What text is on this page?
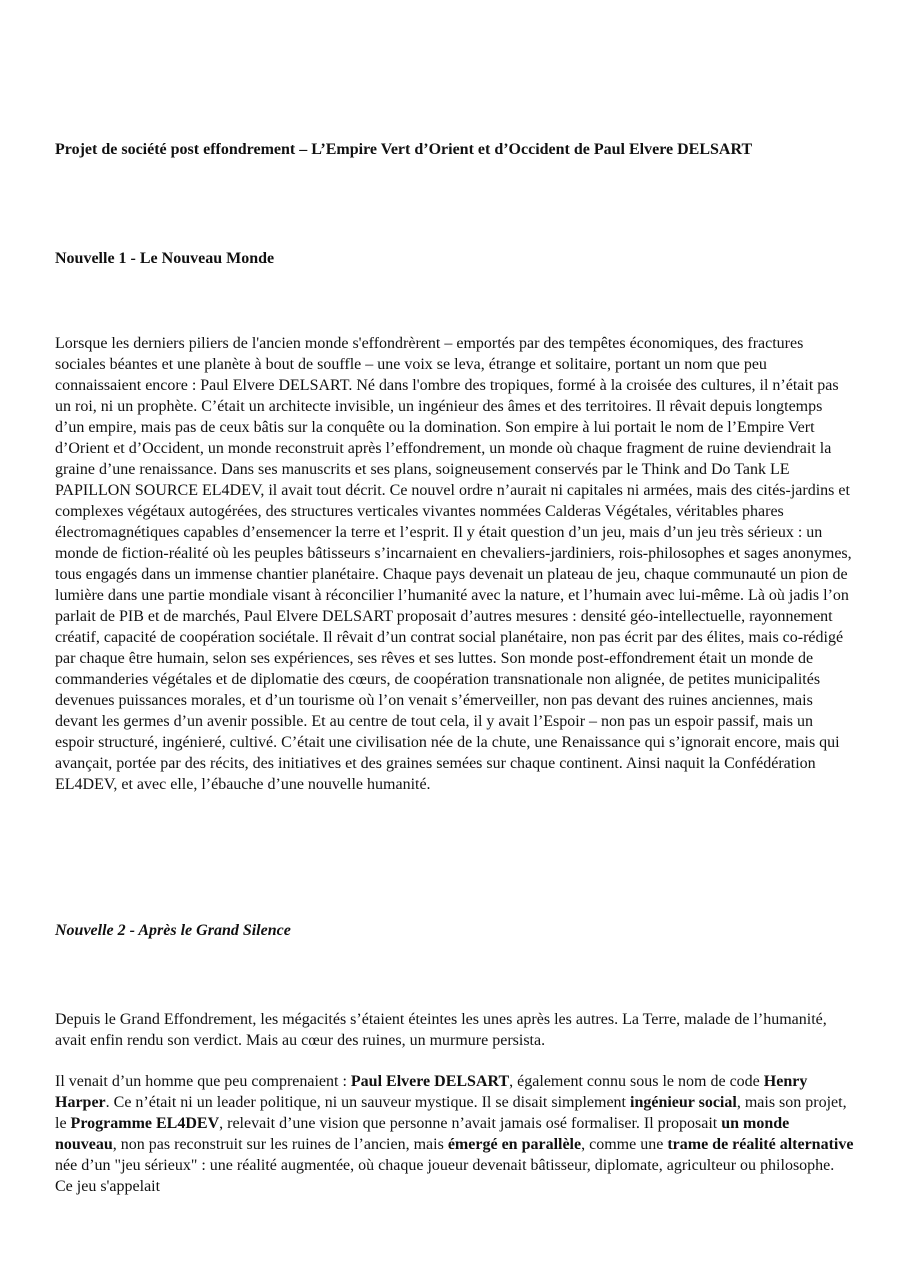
Projet de société post effondrement – L’Empire Vert d’Orient et d’Occident de Paul Elvere DELSART

Nouvelle 1 - Le Nouveau Monde

Lorsque les derniers piliers de l'ancien monde s'effondrèrent – emportés par des tempêtes économiques, des fractures sociales béantes et une planète à bout de souffle – une voix se leva, étrange et solitaire, portant un nom que peu connaissaient encore : Paul Elvere DELSART. Né dans l'ombre des tropiques, formé à la croisée des cultures, il n’était pas un roi, ni un prophète. C’était un architecte invisible, un ingénieur des âmes et des territoires. Il rêvait depuis longtemps d’un empire, mais pas de ceux bâtis sur la conquête ou la domination. Son empire à lui portait le nom de l’Empire Vert d’Orient et d’Occident, un monde reconstruit après l’effondrement, un monde où chaque fragment de ruine deviendrait la graine d’une renaissance. Dans ses manuscrits et ses plans, soigneusement conservés par le Think and Do Tank LE PAPILLON SOURCE EL4DEV, il avait tout décrit. Ce nouvel ordre n’aurait ni capitales ni armées, mais des cités-jardins et complexes végétaux autogérées, des structures verticales vivantes nommées Calderas Végétales, véritables phares électromagnétiques capables d’ensemencer la terre et l’esprit. Il y était question d’un jeu, mais d’un jeu très sérieux : un monde de fiction-réalité où les peuples bâtisseurs s’incarnaient en chevaliers-jardiniers, rois-philosophes et sages anonymes, tous engagés dans un immense chantier planétaire. Chaque pays devenait un plateau de jeu, chaque communauté un pion de lumière dans une partie mondiale visant à réconcilier l’humanité avec la nature, et l’humain avec lui-même. Là où jadis l’on parlait de PIB et de marchés, Paul Elvere DELSART proposait d’autres mesures : densité géo-intellectuelle, rayonnement créatif, capacité de coopération sociétale. Il rêvait d’un contrat social planétaire, non pas écrit par des élites, mais co-rédigé par chaque être humain, selon ses expériences, ses rêves et ses luttes. Son monde post-effondrement était un monde de commanderies végétales et de diplomatie des cœurs, de coopération transnationale non alignée, de petites municipalités devenues puissances morales, et d’un tourisme où l’on venait s’émerveiller, non pas devant des ruines anciennes, mais devant les germes d’un avenir possible. Et au centre de tout cela, il y avait l’Espoir – non pas un espoir passif, mais un espoir structuré, ingénieré, cultivé. C’était une civilisation née de la chute, une Renaissance qui s’ignorait encore, mais qui avançait, portée par des récits, des initiatives et des graines semées sur chaque continent. Ainsi naquit la Confédération EL4DEV, et avec elle, l’ébauche d’une nouvelle humanité.

Nouvelle 2 - Après le Grand Silence

Depuis le Grand Effondrement, les mégacités s’étaient éteintes les unes après les autres. La Terre, malade de l’humanité, avait enfin rendu son verdict. Mais au cœur des ruines, un murmure persista.

Il venait d’un homme que peu comprenaient : Paul Elvere DELSART, également connu sous le nom de code Henry Harper. Ce n’était ni un leader politique, ni un sauveur mystique. Il se disait simplement ingénieur social, mais son projet, le Programme EL4DEV, relevait d’une vision que personne n’avait jamais osé formaliser. Il proposait un monde nouveau, non pas reconstruit sur les ruines de l’ancien, mais émergé en parallèle, comme une trame de réalité alternative née d’un "jeu sérieux" : une réalité augmentée, où chaque joueur devenait bâtisseur, diplomate, agriculteur ou philosophe. Ce jeu s'appelait
